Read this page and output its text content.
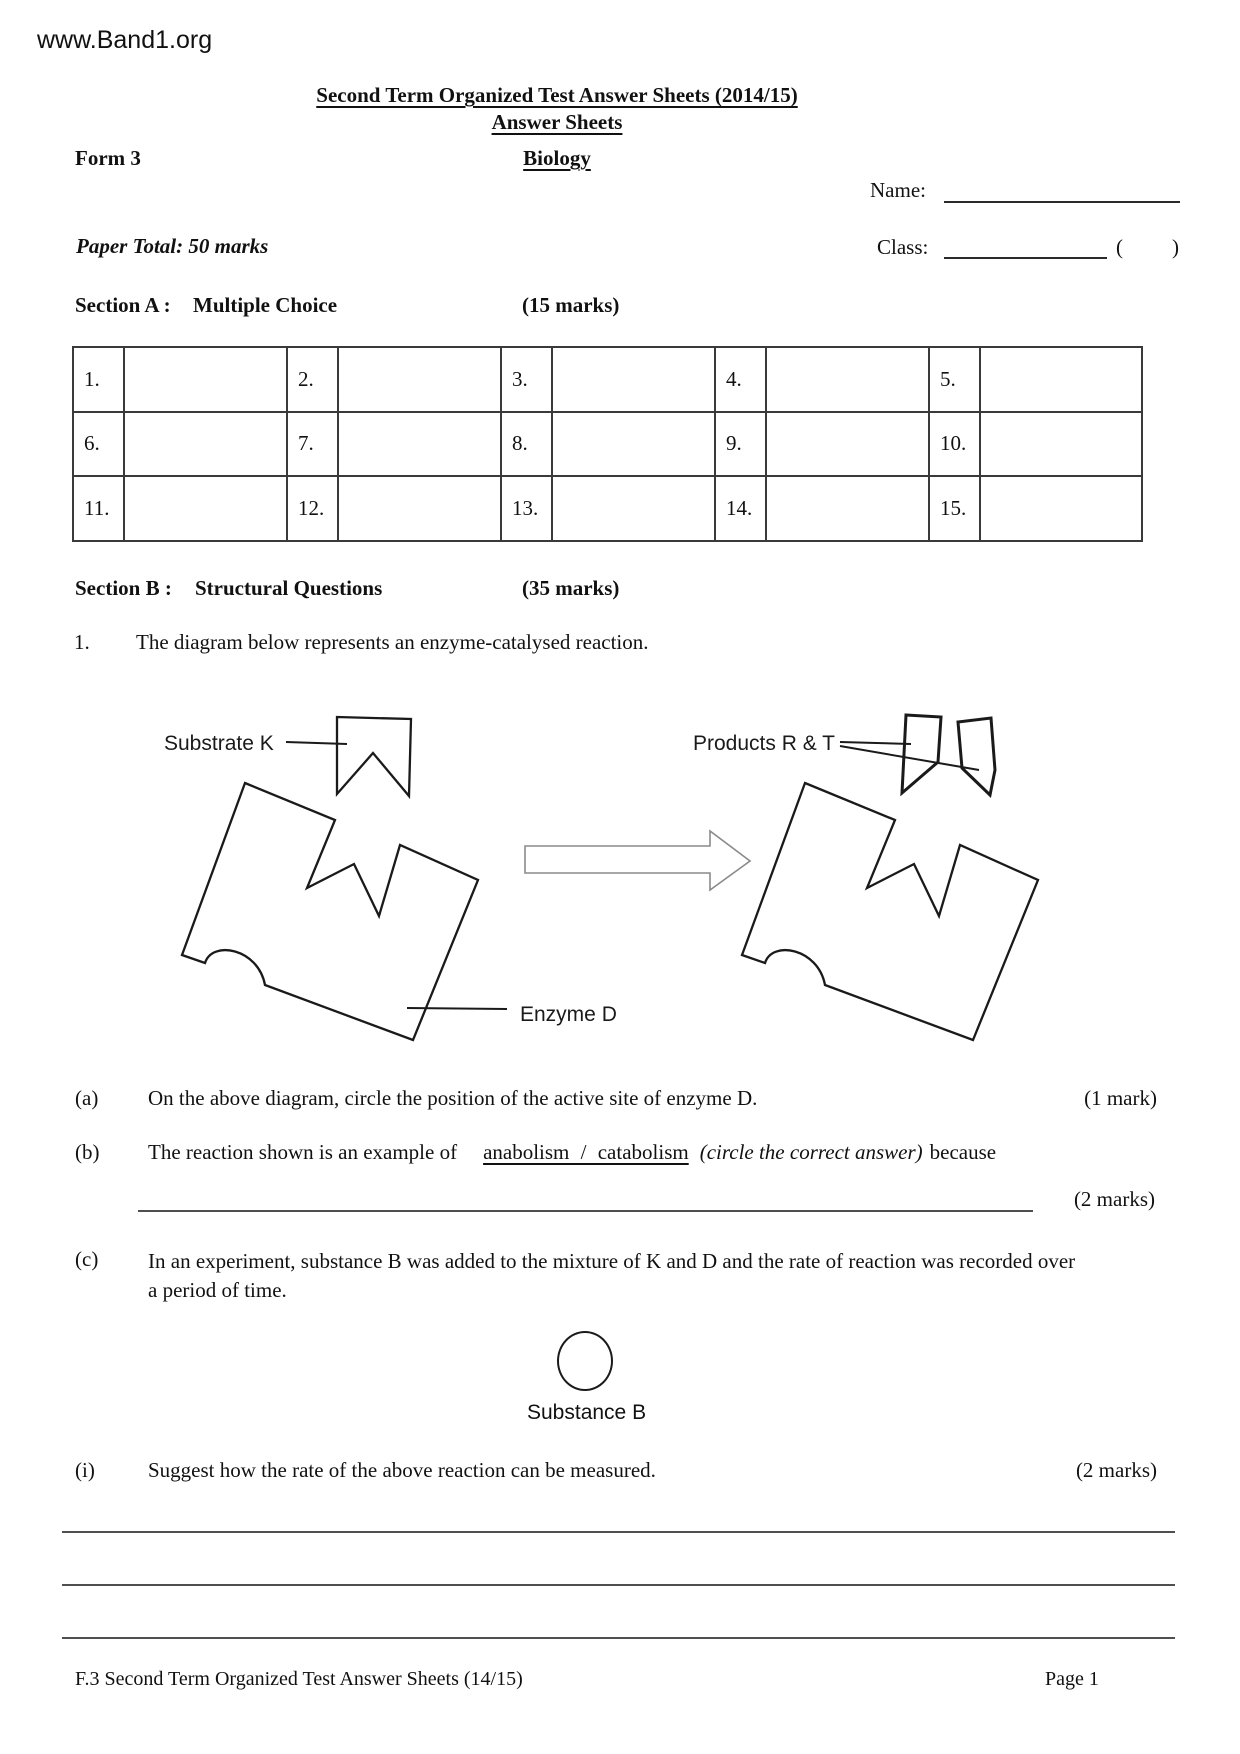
www.Band1.org
Second Term Organized Test Answer Sheets (2014/15)
Answer Sheets
Form 3	Biology
Name:
Paper Total: 50 marks	Class:	( )
Section A : Multiple Choice	(15 marks)
1.		2.		3.		4.		5.	
6.		7.		8.		9.		10.	
11.		12.		13.		14.		15.	
Section B : Structural Questions	(35 marks)
1. The diagram below represents an enzyme-catalysed reaction.
Substrate K	Products R & T
Enzyme D
(a) On the above diagram, circle the position of the active site of enzyme D.	(1 mark)
(b) The reaction shown is an example of anabolism / catabolism (circle the correct answer) because
(2 marks)
(c) In an experiment, substance B was added to the mixture of K and D and the rate of reaction was recorded over
a period of time.
Substance B
(i)	Suggest how the rate of the above reaction can be measured.	(2 marks)
F.3 Second Term Organized Test Answer Sheets (14/15)	Page 1
